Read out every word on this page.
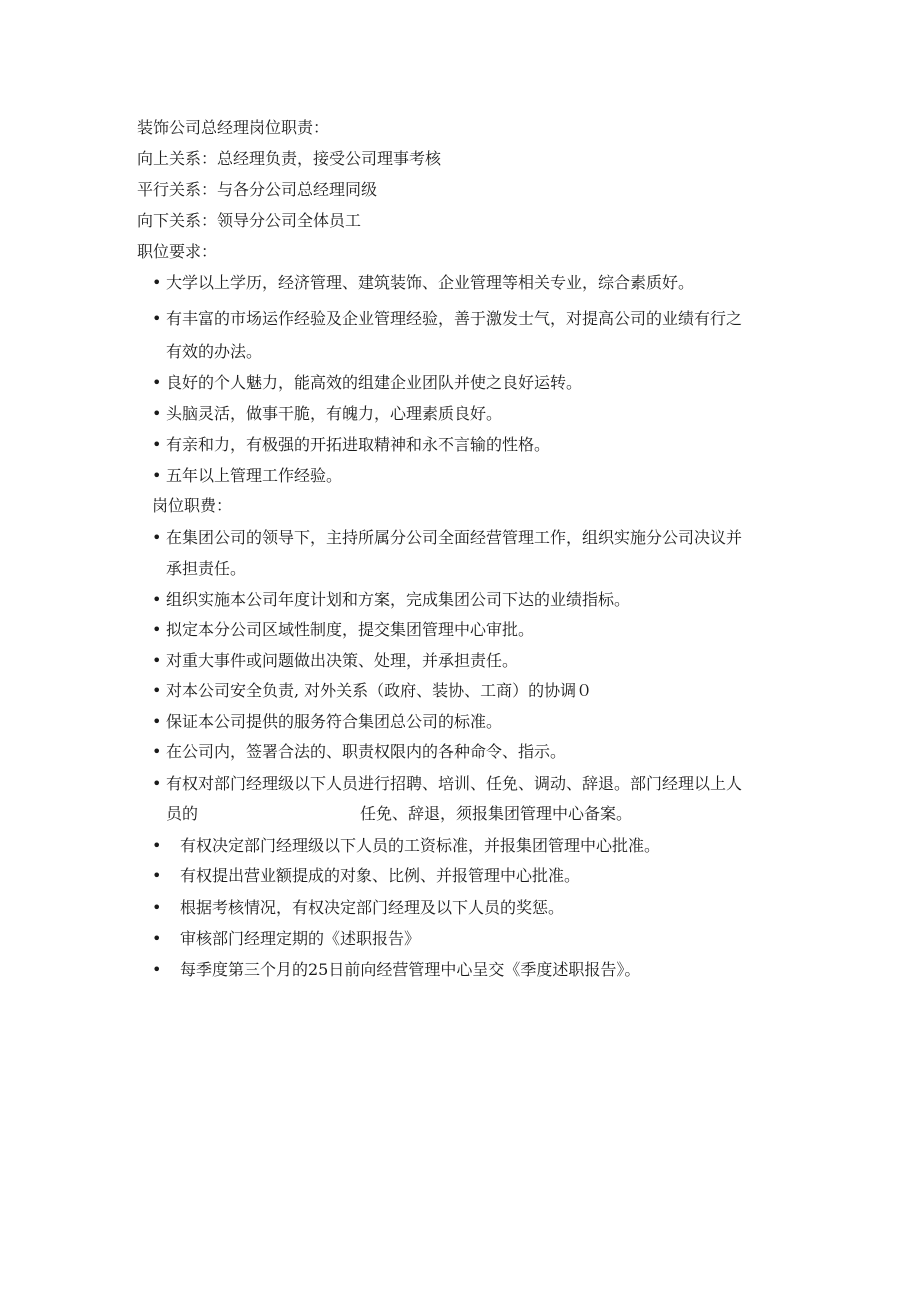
装饰公司总经理岗位职责：
向上关系：总经理负责，接受公司理事考核
平行关系：与各分公司总经理同级
向下关系：领导分公司全体员工
职位要求：
• 大学以上学历，经济管理、建筑装饰、企业管理等相关专业，综合素质好。
• 有丰富的市场运作经验及企业管理经验，善于激发士气，对提高公司的业绩有行之
有效的办法。
• 良好的个人魅力，能高效的组建企业团队并使之良好运转。
• 头脑灵活，做事干脆，有魄力，心理素质良好。
• 有亲和力，有极强的开拓进取精神和永不言输的性格。
• 五年以上管理工作经验。
岗位职费：
• 在集团公司的领导下，主持所属分公司全面经营管理工作，组织实施分公司决议并
承担责任。
• 组织实施本公司年度计划和方案，完成集团公司下达的业绩指标。
• 拟定本分公司区域性制度，提交集团管理中心审批。
• 对重大事件或问题做出决策、处理，并承担责任。
• 对本公司安全负责, 对外关系（政府、装协、工商）的协调０
• 保证本公司提供的服务符合集团总公司的标准。
• 在公司内，签署合法的、职责权限内的各种命令、指示。
• 有权对部门经理级以下人员进行招聘、培训、任免、调动、辞退。部门经理以上人
员的	任免、辞退，须报集团管理中心备案。
• 有权决定部门经理级以下人员的工资标准，并报集团管理中心批准。
• 有权提出营业额提成的对象、比例、并报管理中心批准。
• 根据考核情况，有权决定部门经理及以下人员的奖惩。
• 审核部门经理定期的《述职报告》
• 每季度第三个月的25日前向经营管理中心呈交《季度述职报告》。
